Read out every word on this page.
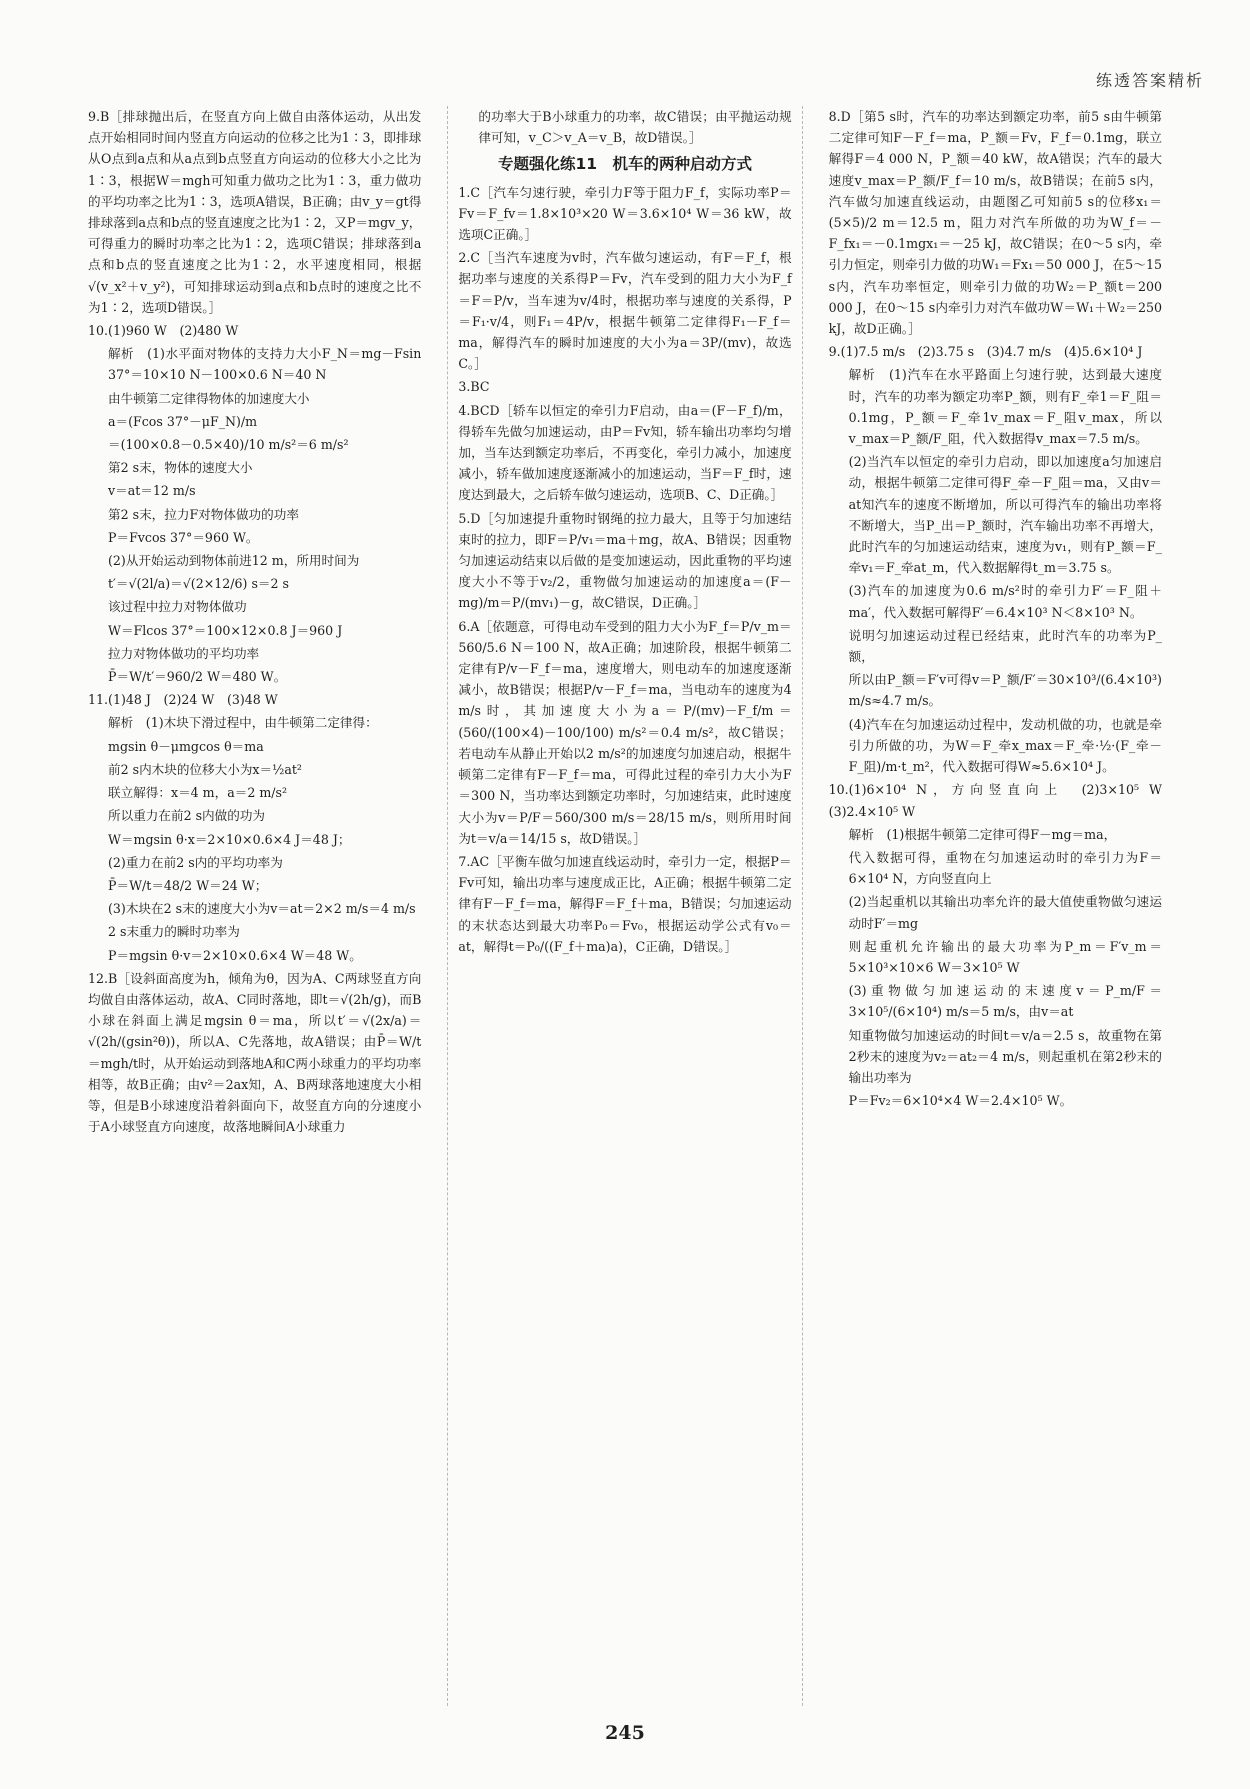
练透答案精析

9.B［排球抛出后，在竖直方向上做自由落体运动，从出发点开始相同时间内竖直方向运动的位移之比为1∶3，即排球从O点到a点和从a点到b点竖直方向运动的位移大小之比为1∶3，根据W＝mgh可知重力做功之比为1∶3，重力做功的平均功率之比为1∶3，选项A错误，B正确；由v_y＝gt得排球落到a点和b点的竖直速度之比为1∶2，又P＝mgv_y，可得重力的瞬时功率之比为1∶2，选项C错误；排球落到a点和b点的竖直速度之比为1∶2，水平速度相同，根据√(v_x²＋v_y²)，可知排球运动到a点和b点时的速度之比不为1∶2，选项D错误。］

10.(1)960 W　(2)480 W

解析　(1)水平面对物体的支持力大小F_N＝mg－Fsin 37°＝10×10 N－100×0.6 N＝40 N

由牛顿第二定律得物体的加速度大小

a＝(Fcos 37°－μF_N)/m

＝(100×0.8－0.5×40)/10 m/s²＝6 m/s²

第2 s末，物体的速度大小

v＝at＝12 m/s

第2 s末，拉力F对物体做功的功率

P＝Fvcos 37°＝960 W。

(2)从开始运动到物体前进12 m，所用时间为

t′＝√(2l/a)＝√(2×12/6) s＝2 s

该过程中拉力对物体做功

W＝Flcos 37°＝100×12×0.8 J＝960 J

拉力对物体做功的平均功率

P̄＝W/t′＝960/2 W＝480 W。

11.(1)48 J　(2)24 W　(3)48 W

解析　(1)木块下滑过程中，由牛顿第二定律得：

mgsin θ－μmgcos θ＝ma

前2 s内木块的位移大小为x＝½at²

联立解得：x＝4 m，a＝2 m/s²

所以重力在前2 s内做的功为

W＝mgsin θ·x＝2×10×0.6×4 J＝48 J；

(2)重力在前2 s内的平均功率为

P̄＝W/t＝48/2 W＝24 W；

(3)木块在2 s末的速度大小为v＝at＝2×2 m/s＝4 m/s

2 s末重力的瞬时功率为

P＝mgsin θ·v＝2×10×0.6×4 W＝48 W。

12.B［设斜面高度为h，倾角为θ，因为A、C两球竖直方向均做自由落体运动，故A、C同时落地，即t＝√(2h/g)，而B小球在斜面上满足mgsin θ＝ma，所以t′＝√(2x/a)＝√(2h/(gsin²θ))，所以A、C先落地，故A错误；由P̄＝W/t＝mgh/t时，从开始运动到落地A和C两小球重力的平均功率相等，故B正确；由v²＝2ax知，A、B两球落地速度大小相等，但是B小球速度沿着斜面向下，故竖直方向的分速度小于A小球竖直方向速度，故落地瞬间A小球重力

的功率大于B小球重力的功率，故C错误；由平抛运动规律可知，v_C＞v_A＝v_B，故D错误。］

专题强化练11　机车的两种启动方式

1.C［汽车匀速行驶，牵引力F等于阻力F_f，实际功率P＝Fv＝F_fv＝1.8×10³×20 W＝3.6×10⁴ W＝36 kW，故选项C正确。］

2.C［当汽车速度为v时，汽车做匀速运动，有F＝F_f，根据功率与速度的关系得P＝Fv，汽车受到的阻力大小为F_f＝F＝P/v，当车速为v/4时，根据功率与速度的关系得，P＝F₁·v/4，则F₁＝4P/v，根据牛顿第二定律得F₁－F_f＝ma，解得汽车的瞬时加速度的大小为a＝3P/(mv)，故选C。］

3.BC

4.BCD［轿车以恒定的牵引力F启动，由a＝(F－F_f)/m，得轿车先做匀加速运动，由P＝Fv知，轿车输出功率均匀增加，当车达到额定功率后，不再变化，牵引力减小，加速度减小，轿车做加速度逐渐减小的加速运动，当F＝F_f时，速度达到最大，之后轿车做匀速运动，选项B、C、D正确。］

5.D［匀加速提升重物时钢绳的拉力最大，且等于匀加速结束时的拉力，即F＝P/v₁＝ma＋mg，故A、B错误；因重物匀加速运动结束以后做的是变加速运动，因此重物的平均速度大小不等于v₂/2，重物做匀加速运动的加速度a＝(F－mg)/m＝P/(mv₁)－g，故C错误，D正确。］

6.A［依题意，可得电动车受到的阻力大小为F_f＝P/v_m＝560/5.6 N＝100 N，故A正确；加速阶段，根据牛顿第二定律有P/v－F_f＝ma，速度增大，则电动车的加速度逐渐减小，故B错误；根据P/v－F_f＝ma，当电动车的速度为4 m/s时，其加速度大小为a＝P/(mv)－F_f/m＝(560/(100×4)－100/100) m/s²＝0.4 m/s²，故C错误；若电动车从静止开始以2 m/s²的加速度匀加速启动，根据牛顿第二定律有F－F_f＝ma，可得此过程的牵引力大小为F＝300 N，当功率达到额定功率时，匀加速结束，此时速度大小为v＝P/F＝560/300 m/s＝28/15 m/s，则所用时间为t＝v/a＝14/15 s，故D错误。］

7.AC［平衡车做匀加速直线运动时，牵引力一定，根据P＝Fv可知，输出功率与速度成正比，A正确；根据牛顿第二定律有F－F_f＝ma，解得F＝F_f＋ma，B错误；匀加速运动的末状态达到最大功率P₀＝Fv₀，根据运动学公式有v₀＝at，解得t＝P₀/((F_f＋ma)a)，C正确，D错误。］

8.D［第5 s时，汽车的功率达到额定功率，前5 s由牛顿第二定律可知F－F_f＝ma，P_额＝Fv，F_f＝0.1mg，联立解得F＝4 000 N，P_额＝40 kW，故A错误；汽车的最大速度v_max＝P_额/F_f＝10 m/s，故B错误；在前5 s内，汽车做匀加速直线运动，由题图乙可知前5 s的位移x₁＝(5×5)/2 m＝12.5 m，阻力对汽车所做的功为W_f＝－F_fx₁＝－0.1mgx₁＝－25 kJ，故C错误；在0～5 s内，牵引力恒定，则牵引力做的功W₁＝Fx₁＝50 000 J，在5～15 s内，汽车功率恒定，则牵引力做的功W₂＝P_额t＝200 000 J，在0～15 s内牵引力对汽车做功W＝W₁＋W₂＝250 kJ，故D正确。］

9.(1)7.5 m/s　(2)3.75 s　(3)4.7 m/s　(4)5.6×10⁴ J

解析　(1)汽车在水平路面上匀速行驶，达到最大速度时，汽车的功率为额定功率P_额，则有F_牵1＝F_阻＝0.1mg，P_额＝F_牵1v_max＝F_阻v_max，所以v_max＝P_额/F_阻，代入数据得v_max＝7.5 m/s。

(2)当汽车以恒定的牵引力启动，即以加速度a匀加速启动，根据牛顿第二定律可得F_牵－F_阻＝ma，又由v＝at知汽车的速度不断增加，所以可得汽车的输出功率将不断增大，当P_出＝P_额时，汽车输出功率不再增大，此时汽车的匀加速运动结束，速度为v₁，则有P_额＝F_牵v₁＝F_牵at_m，代入数据解得t_m＝3.75 s。

(3)汽车的加速度为0.6 m/s²时的牵引力F′＝F_阻＋ma′，代入数据可解得F′＝6.4×10³ N＜8×10³ N。

说明匀加速运动过程已经结束，此时汽车的功率为P_额，

所以由P_额＝F′v可得v＝P_额/F′＝30×10³/(6.4×10³) m/s≈4.7 m/s。

(4)汽车在匀加速运动过程中，发动机做的功，也就是牵引力所做的功，为W＝F_牵x_max＝F_牵·½·(F_牵－F_阻)/m·t_m²，代入数据可得W≈5.6×10⁴ J。

10.(1)6×10⁴ N，方向竖直向上　(2)3×10⁵ W　(3)2.4×10⁵ W

解析　(1)根据牛顿第二定律可得F－mg＝ma，

代入数据可得，重物在匀加速运动时的牵引力为F＝6×10⁴ N，方向竖直向上

(2)当起重机以其输出功率允许的最大值使重物做匀速运动时F′＝mg

则起重机允许输出的最大功率为P_m＝F′v_m＝5×10³×10×6 W＝3×10⁵ W

(3)重物做匀加速运动的末速度v＝P_m/F＝3×10⁵/(6×10⁴) m/s＝5 m/s，由v＝at

知重物做匀加速运动的时间t＝v/a＝2.5 s，故重物在第2秒末的速度为v₂＝at₂＝4 m/s，则起重机在第2秒末的输出功率为

P＝Fv₂＝6×10⁴×4 W＝2.4×10⁵ W。

245
